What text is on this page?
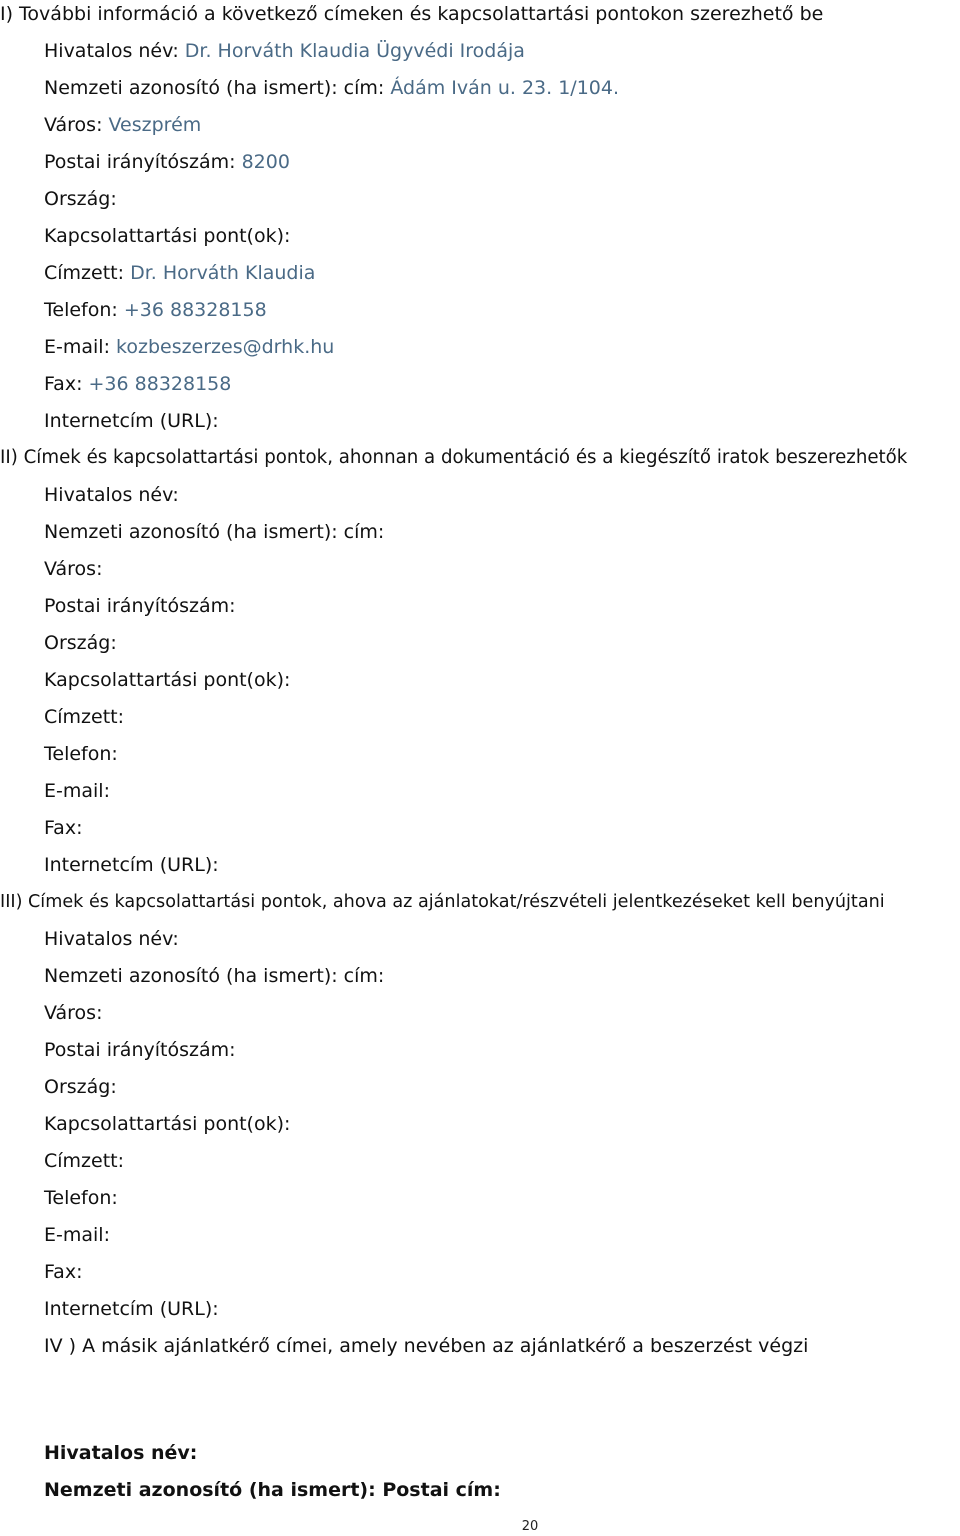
I) További információ a következő címeken és kapcsolattartási pontokon szerezhető be
Hivatalos név: Dr. Horváth Klaudia Ügyvédi Irodája
Nemzeti azonosító (ha ismert): cím: Ádám Iván u. 23. 1/104.
Város: Veszprém
Postai irányítószám: 8200
Ország:
Kapcsolattartási pont(ok):
Címzett: Dr. Horváth Klaudia
Telefon: +36 88328158
E-mail: kozbeszerzes@drhk.hu
Fax: +36 88328158
Internetcím (URL):
II) Címek és kapcsolattartási pontok, ahonnan a dokumentáció és a kiegészítő iratok beszerezhetők
Hivatalos név:
Nemzeti azonosító (ha ismert): cím:
Város:
Postai irányítószám:
Ország:
Kapcsolattartási pont(ok):
Címzett:
Telefon:
E-mail:
Fax:
Internetcím (URL):
III) Címek és kapcsolattartási pontok, ahova az ajánlatokat/részvételi jelentkezéseket kell benyújtani
Hivatalos név:
Nemzeti azonosító (ha ismert): cím:
Város:
Postai irányítószám:
Ország:
Kapcsolattartási pont(ok):
Címzett:
Telefon:
E-mail:
Fax:
Internetcím (URL):
IV ) A másik ajánlatkérő címei, amely nevében az ajánlatkérő a beszerzést végzi
Hivatalos név:
Nemzeti azonosító (ha ismert): Postai cím:
20
